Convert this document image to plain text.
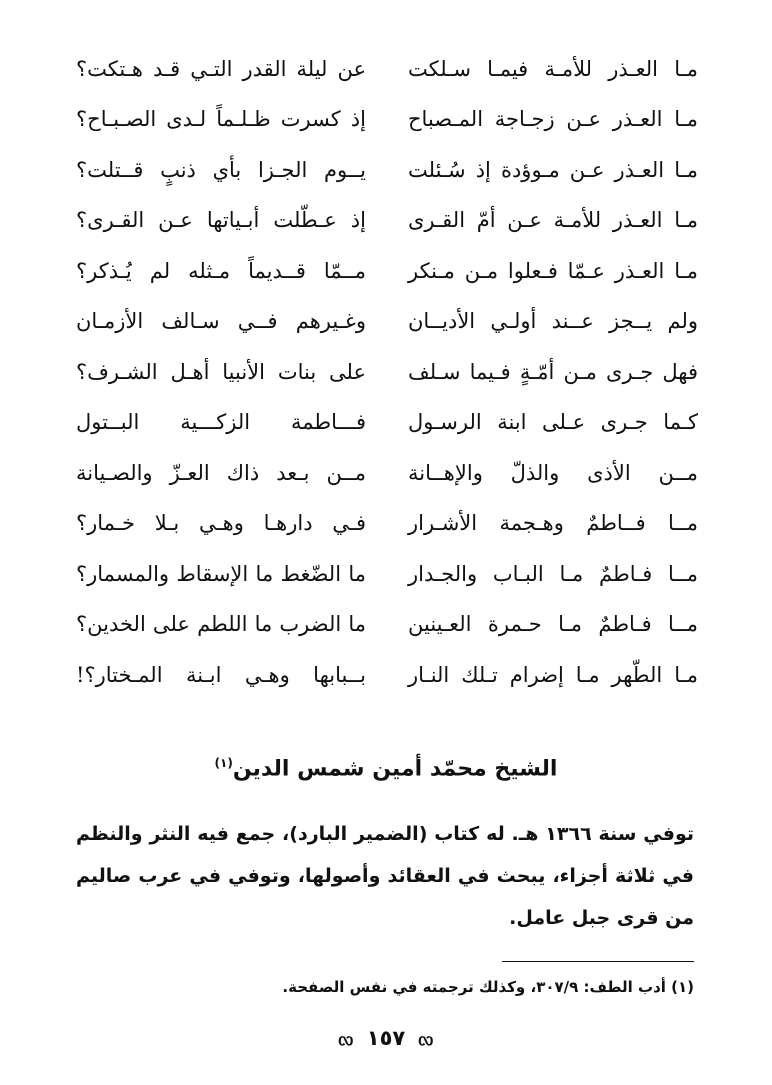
مـا العـذر للأمـة فيمـا سـلكت
عن ليلة القدر التـي قـد هـتكت؟
مـا العـذر عـن زجـاجة المـصباح
إذ كسرت ظـلـماً لـدى الصـبـاح؟
مـا العـذر عـن مـوؤدة إذ سُـئلت
يــوم الجـزا بأي ذنبٍ قــتلت؟
مـا العـذر للأمـة عـن أمّ القـرى
إذ عـطّلت أبـياتها عـن القـرى؟
مـا العـذر عـمّا فـعلوا مـن مـنكر
مــمّا قــديماً مـثله لم يُـذكر؟
ولم يــجز عــند أولـي الأديــان
وغـيرهم فــي سـالف الأزمـان
فهل جـرى مـن أمّـةٍ فـيما سـلف
على بنات الأنبيا أهـل الشـرف؟
كـما جـرى عـلى ابنة الرسـول
فـــاطمة الزكـــية البــتول
مــن الأذى والذلّ والإهــانة
مــن بـعد ذاك العـزّ والصـيانة
مــا فــاطمٌ وهـجمة الأشـرار
فـي دارهـا وهـي بـلا خـمار؟
مــا فـاطمٌ مـا البـاب والجـدار
ما الضّغط ما الإسقاط والمسمار؟
مــا فـاطمٌ مـا حـمرة العـينين
ما الضرب ما اللطم على الخدين؟
مـا الطّهر مـا إضرام تـلك النـار
بــبابها وهـي ابـنة المـختار؟!
الشيخ محمّد أمين شمس الدين$^{(١)}$
توفي سنة ١٣٦٦ هـ. له كتاب (الضمير البارد)، جمع فيه النثر والنظم في ثلاثة أجزاء، يبحث في العقائد وأصولها، وتوفي في عرب صاليم من قرى جبل عامل.
(١) أدب الطف: ٣٠٧/٩، وكذلك ترجمته في نفس الصفحة.
ᦟ ١٥٧ ᦟ
